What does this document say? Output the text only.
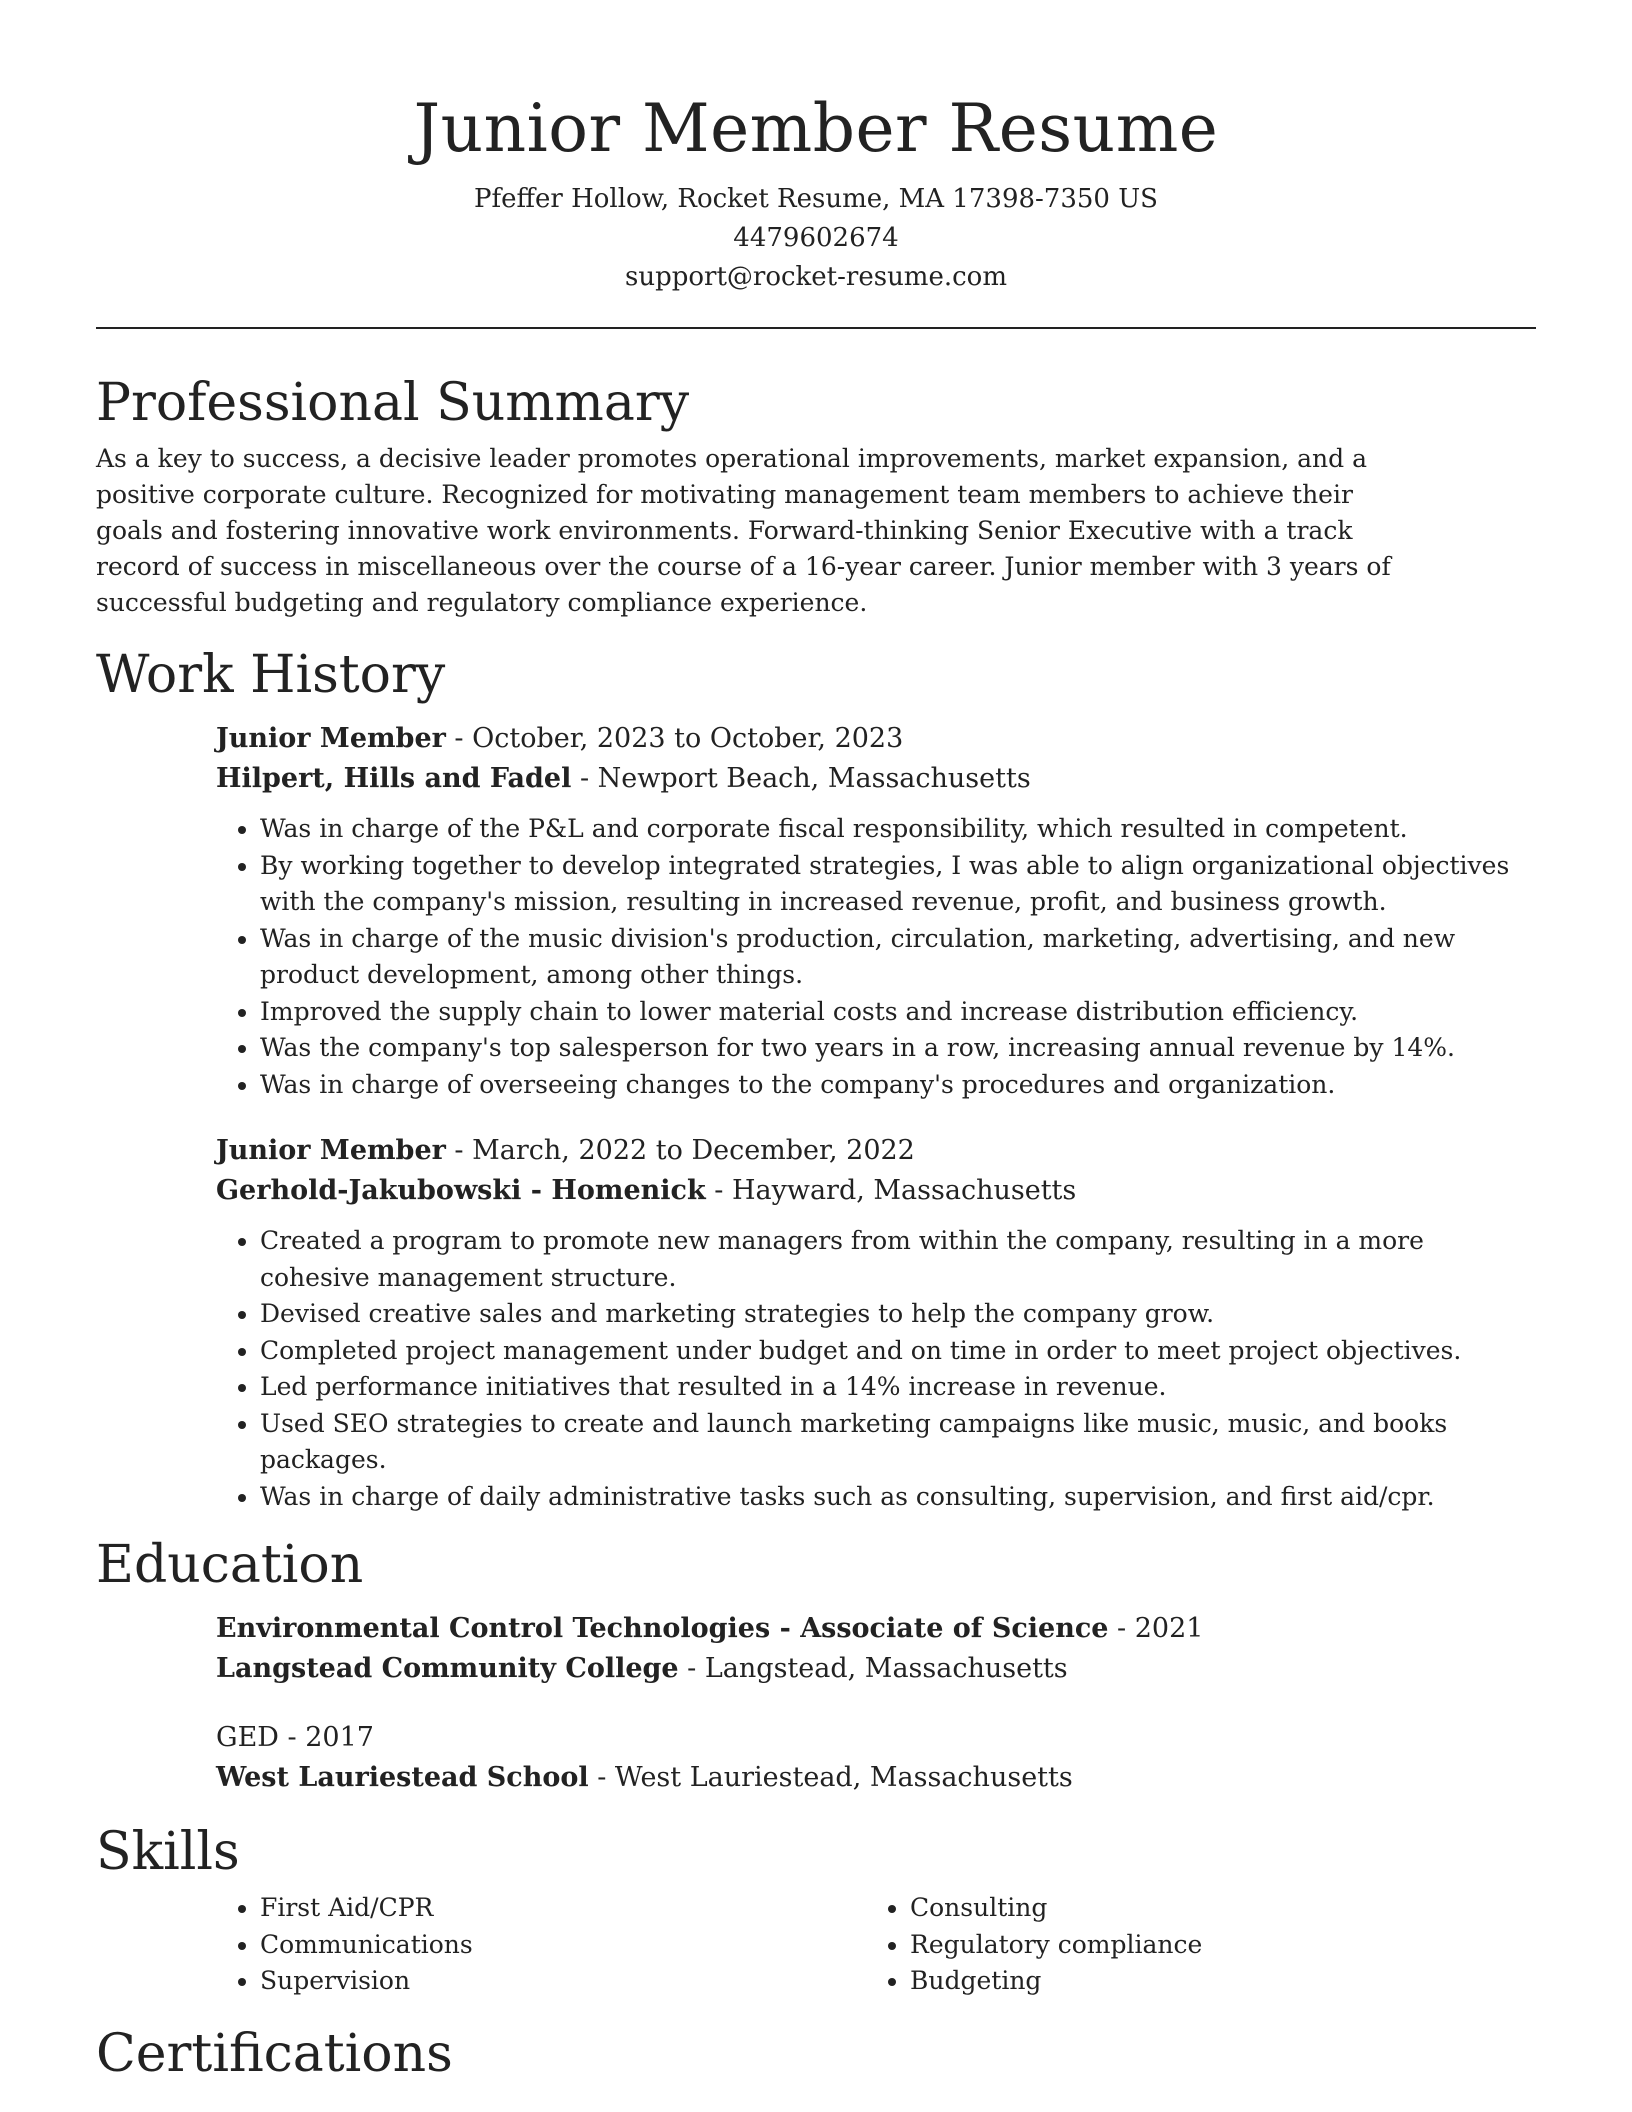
Junior Member Resume
Pfeffer Hollow, Rocket Resume, MA 17398-7350 US
4479602674
support@rocket-resume.com
Professional Summary

As a key to success, a decisive leader promotes operational improvements, market expansion, and a positive corporate culture. Recognized for motivating management team members to achieve their goals and fostering innovative work environments. Forward-thinking Senior Executive with a track record of success in miscellaneous over the course of a 16-year career. Junior member with 3 years of successful budgeting and regulatory compliance experience.

Work History
Junior Member - October, 2023 to October, 2023
Hilpert, Hills and Fadel - Newport Beach, Massachusetts
• Was in charge of the P&L and corporate fiscal responsibility, which resulted in competent.
• By working together to develop integrated strategies, I was able to align organizational objectives with the company's mission, resulting in increased revenue, profit, and business growth.
• Was in charge of the music division's production, circulation, marketing, advertising, and new product development, among other things.
• Improved the supply chain to lower material costs and increase distribution efficiency.
• Was the company's top salesperson for two years in a row, increasing annual revenue by 14%.
• Was in charge of overseeing changes to the company's procedures and organization.
Junior Member - March, 2022 to December, 2022
Gerhold-Jakubowski - Homenick - Hayward, Massachusetts
• Created a program to promote new managers from within the company, resulting in a more cohesive management structure.
• Devised creative sales and marketing strategies to help the company grow.
• Completed project management under budget and on time in order to meet project objectives.
• Led performance initiatives that resulted in a 14% increase in revenue.
• Used SEO strategies to create and launch marketing campaigns like music, music, and books packages.
• Was in charge of daily administrative tasks such as consulting, supervision, and first aid/cpr.
Education
Environmental Control Technologies - Associate of Science - 2021
Langstead Community College - Langstead, Massachusetts
GED - 2017
West Lauriestead School - West Lauriestead, Massachusetts
Skills
• First Aid/CPR
• Communications
• Supervision
• Consulting
• Regulatory compliance
• Budgeting
Certifications
